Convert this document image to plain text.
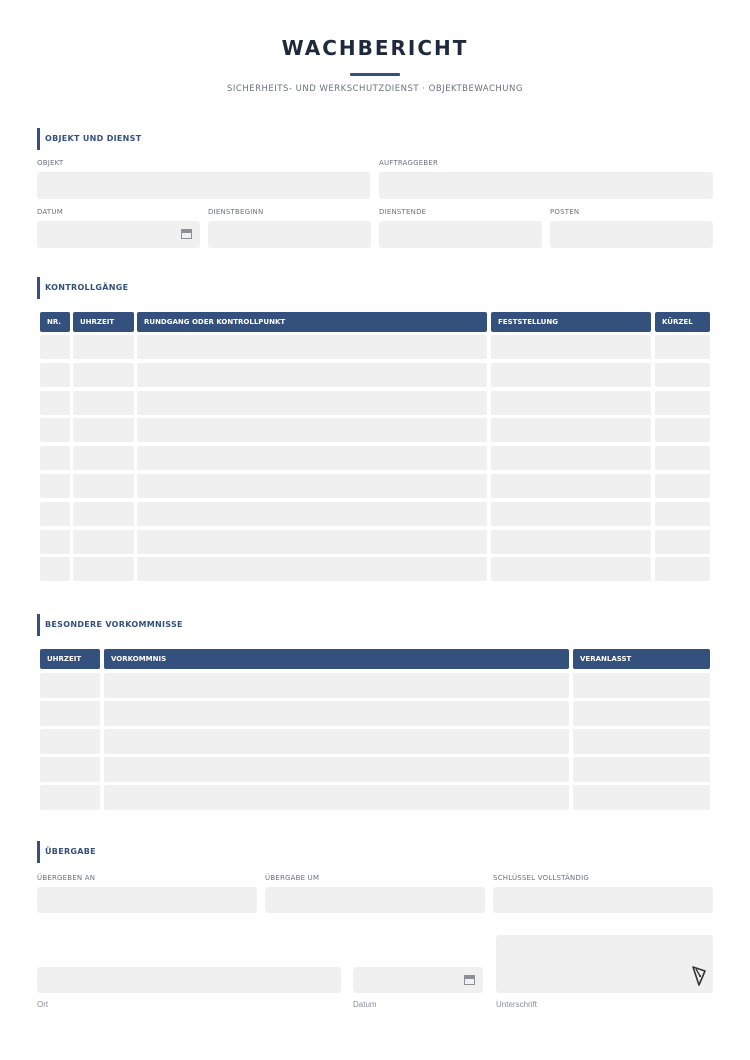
WACHBERICHT
SICHERHEITS- UND WERKSCHUTZDIENST · OBJEKTBEWACHUNG
OBJEKT UND DIENST
OBJEKT	AUFTRAGGEBER
DATUM	DIENSTBEGINN	DIENSTENDE	POSTEN
KONTROLLGÄNGE
NR.	UHRZEIT	RUNDGANG ODER KONTROLLPUNKT	FESTSTELLUNG	KÜRZEL
BESONDERE VORKOMMNISSE
UHRZEIT	VORKOMMNIS	VERANLASST
ÜBERGABE
ÜBERGEBEN AN	ÜBERGABE UM	SCHLÜSSEL VOLLSTÄNDIG
Ort	Datum	Unterschrift
